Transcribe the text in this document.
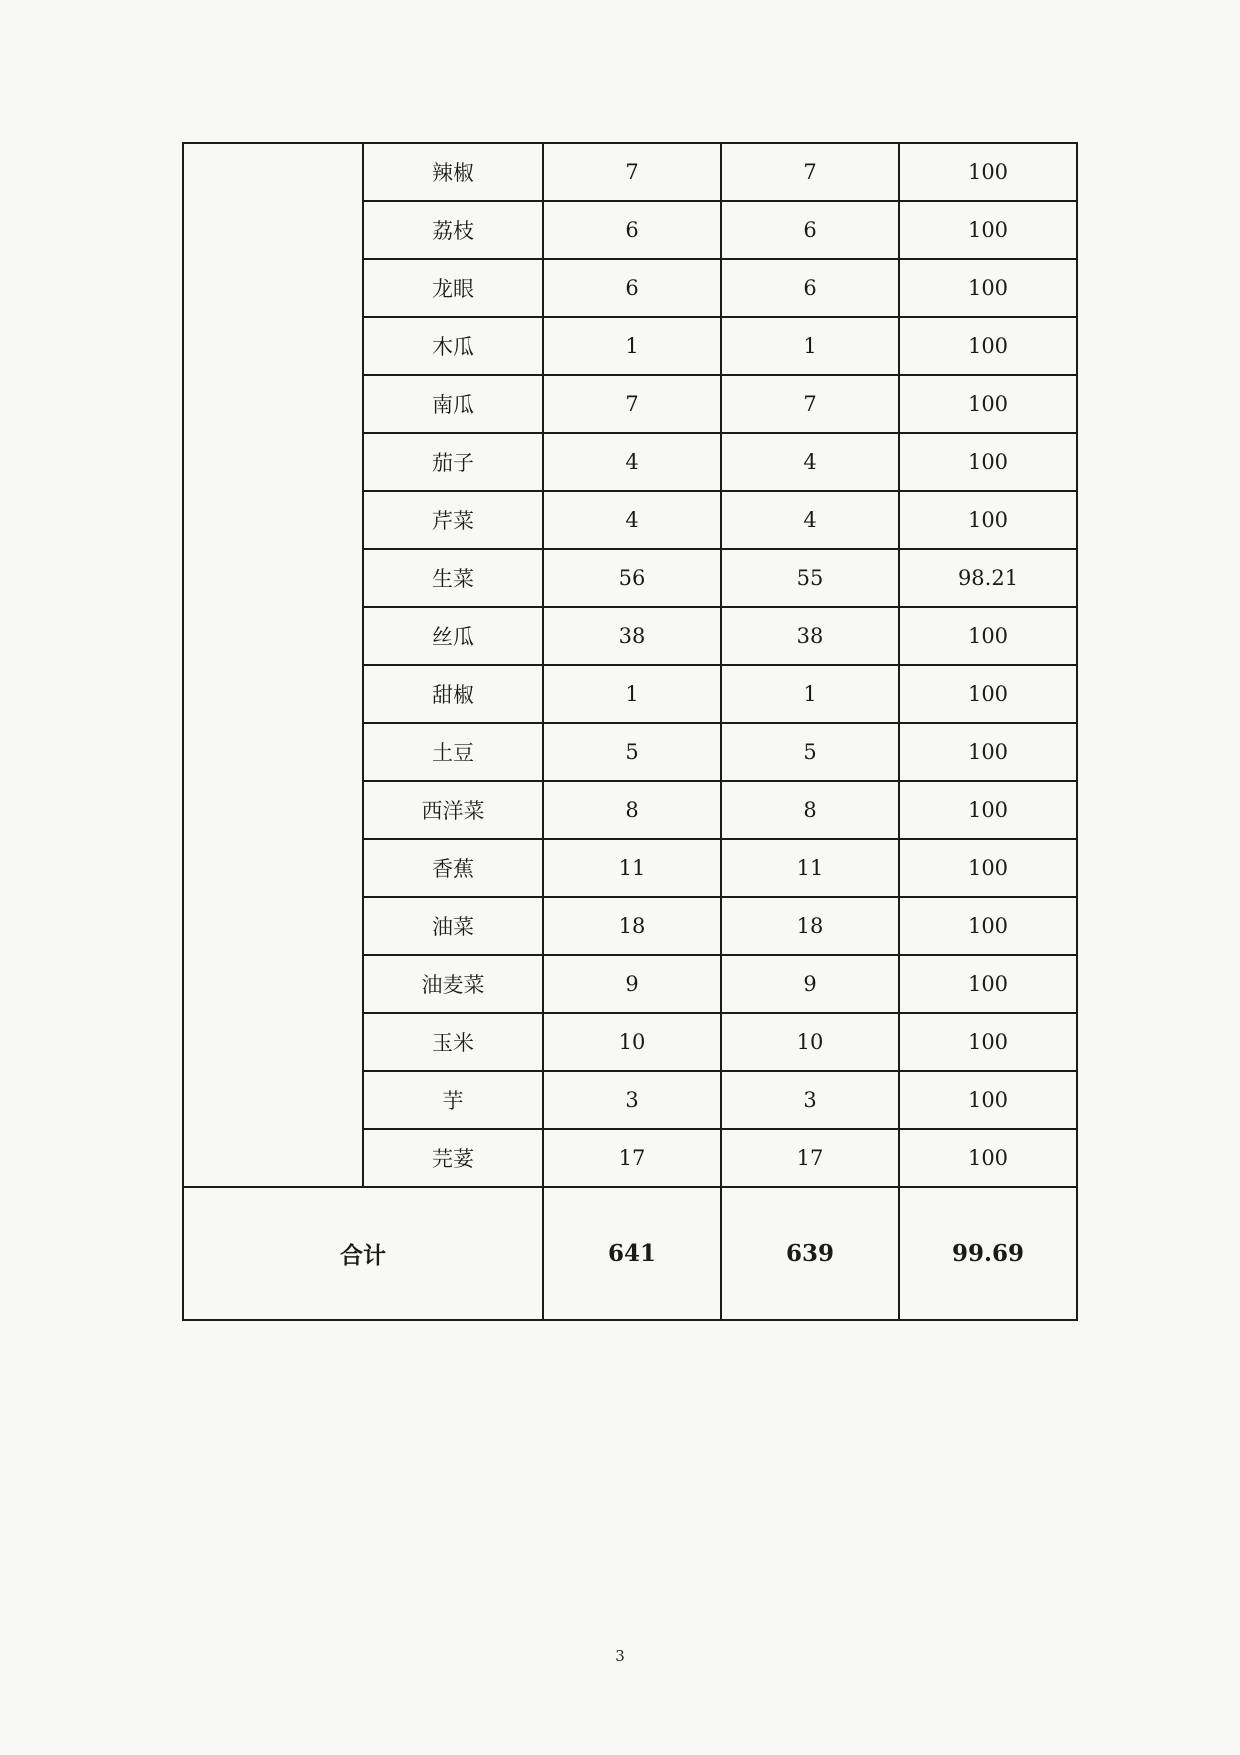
	辣椒	7	7	100
	荔枝	6	6	100
	龙眼	6	6	100
	木瓜	1	1	100
	南瓜	7	7	100
	茄子	4	4	100
	芹菜	4	4	100
	生菜	56	55	98.21
	丝瓜	38	38	100
	甜椒	1	1	100
	土豆	5	5	100
	西洋菜	8	8	100
	香蕉	11	11	100
	油菜	18	18	100
	油麦菜	9	9	100
	玉米	10	10	100
	芋	3	3	100
	芫荽	17	17	100
合计		641	639	99.69
3
